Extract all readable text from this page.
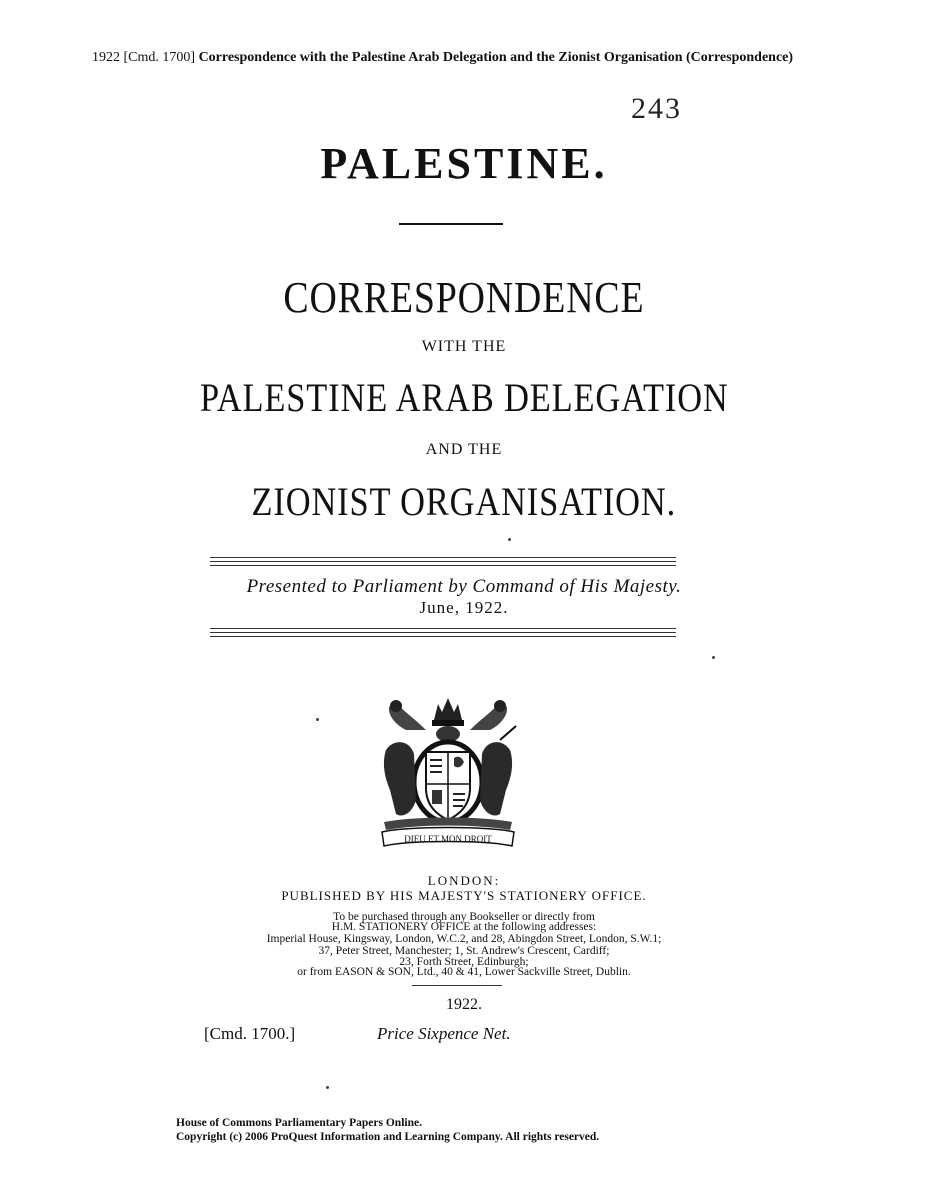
1922 [Cmd. 1700] Correspondence with the Palestine Arab Delegation and the Zionist Organisation (Correspondence)
243
PALESTINE.
CORRESPONDENCE
WITH THE
PALESTINE ARAB DELEGATION
AND THE
ZIONIST ORGANISATION.
Presented to Parliament by Command of His Majesty.
June, 1922.
DIEU ET MON DROIT
LONDON:
PUBLISHED BY HIS MAJESTY'S STATIONERY OFFICE.
To be purchased through any Bookseller or directly from
H.M. STATIONERY OFFICE at the following addresses:
Imperial House, Kingsway, London, W.C.2, and 28, Abingdon Street, London, S.W.1;
37, Peter Street, Manchester; 1, St. Andrew's Crescent, Cardiff;
23, Forth Street, Edinburgh;
or from EASON & SON, Ltd., 40 & 41, Lower Sackville Street, Dublin.
1922.
[Cmd. 1700.]	Price Sixpence Net.
House of Commons Parliamentary Papers Online.
Copyright (c) 2006 ProQuest Information and Learning Company. All rights reserved.
